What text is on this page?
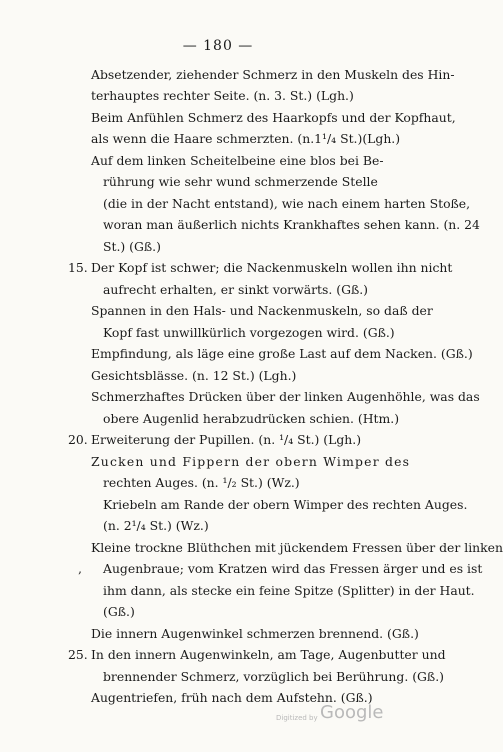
— 180 —
Absetzender, ziehender Schmerz in den Muskeln des Hin-
terhauptes rechter Seite. (n. 3. St.) (Lgh.)
Beim Anfühlen Schmerz des Haarkopfs und der Kopfhaut,
als wenn die Haare schmerzten. (n.1¹/₄ St.)(Lgh.)
Auf dem linken Scheitelbeine eine blos bei Be-
rührung wie sehr wund schmerzende Stelle
(die in der Nacht entstand), wie nach einem harten Stoße,
woran man äußerlich nichts Krankhaftes sehen kann. (n. 24
St.) (Gß.)
15. Der Kopf ist schwer; die Nackenmuskeln wollen ihn nicht
aufrecht erhalten, er sinkt vorwärts. (Gß.)
Spannen in den Hals- und Nackenmuskeln, so daß der
Kopf fast unwillkürlich vorgezogen wird. (Gß.)
Empfindung, als läge eine große Last auf dem Nacken. (Gß.)
Gesichtsblässe. (n. 12 St.) (Lgh.)
Schmerzhaftes Drücken über der linken Augenhöhle, was das
obere Augenlid herabzudrücken schien. (Htm.)
20. Erweiterung der Pupillen. (n. ¹/₄ St.) (Lgh.)
Zucken und Fippern der obern Wimper des
rechten Auges. (n. ¹/₂ St.) (Wz.)
Kriebeln am Rande der obern Wimper des rechten Auges.
(n. 2¹/₄ St.) (Wz.)
Kleine trockne Blüthchen mit jückendem Fressen über der linken
‚ Augenbraue; vom Kratzen wird das Fressen ärger und es ist
ihm dann, als stecke ein feine Spitze (Splitter) in der Haut.
(Gß.)
Die innern Augenwinkel schmerzen brennend. (Gß.)
25. In den innern Augenwinkeln, am Tage, Augenbutter und
brennender Schmerz, vorzüglich bei Berührung. (Gß.)
Augentriefen, früh nach dem Aufstehn. (Gß.)
Digitized by Google
